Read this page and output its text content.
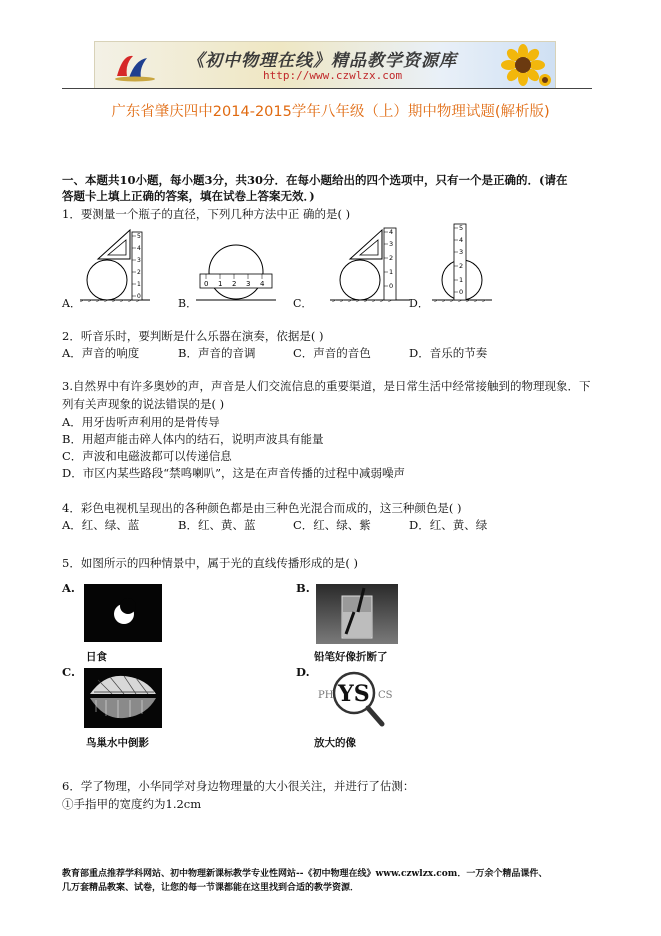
《初中物理在线》精品教学资源库
http://www.czwlzx.com
广东省肇庆四中2014-2015学年八年级（上）期中物理试题(解析版)
一、本题共10小题，每小题3分，共30分．在每小题给出的四个选项中，只有一个是正确的．(请在
答题卡上填上正确的答案，填在试卷上答案无效．)
1．要测量一个瓶子的直径，下列几种方法中正 确的是( )
0
1
2
3
4
5
A．
0 1 2 3 4
B．
0
1
2
3
4
C．
0
1
2
3
4
5
D．
2．听音乐时，要判断是什么乐器在演奏，依据是( )
A．声音的响度	B．声音的音调	C．声音的音色	D．音乐的节奏
3.自然界中有许多奥妙的声，声音是人们交流信息的重要渠道，是日常生活中经常接触到的物理现象．下
列有关声现象的说法错误的是( )
A．用牙齿听声利用的是骨传导
B．用超声能击碎人体内的结石，说明声波具有能量
C．声波和电磁波都可以传递信息
D．市区内某些路段“禁鸣喇叭”，这是在声音传播的过程中减弱噪声
4．彩色电视机呈现出的各种颜色都是由三种色光混合而成的，这三种颜色是( )
A．红、绿、蓝	B．红、黄、蓝	C．红、绿、紫	D．红、黄、绿
5．如图所示的四种情景中，属于光的直线传播形成的是( )
A.
日食
B.
铅笔好像折断了
C.
鸟巢水中倒影
D.
PH	CS
YS
放大的像
6．学了物理，小华同学对身边物理量的大小很关注，并进行了估测：
①手指甲的宽度约为1.2cm
教育部重点推荐学科网站、初中物理新课标教学专业性网站--《初中物理在线》www.czwlzx.com．一万余个精品课件、
几万套精品教案、试卷，让您的每一节课都能在这里找到合适的教学资源．
